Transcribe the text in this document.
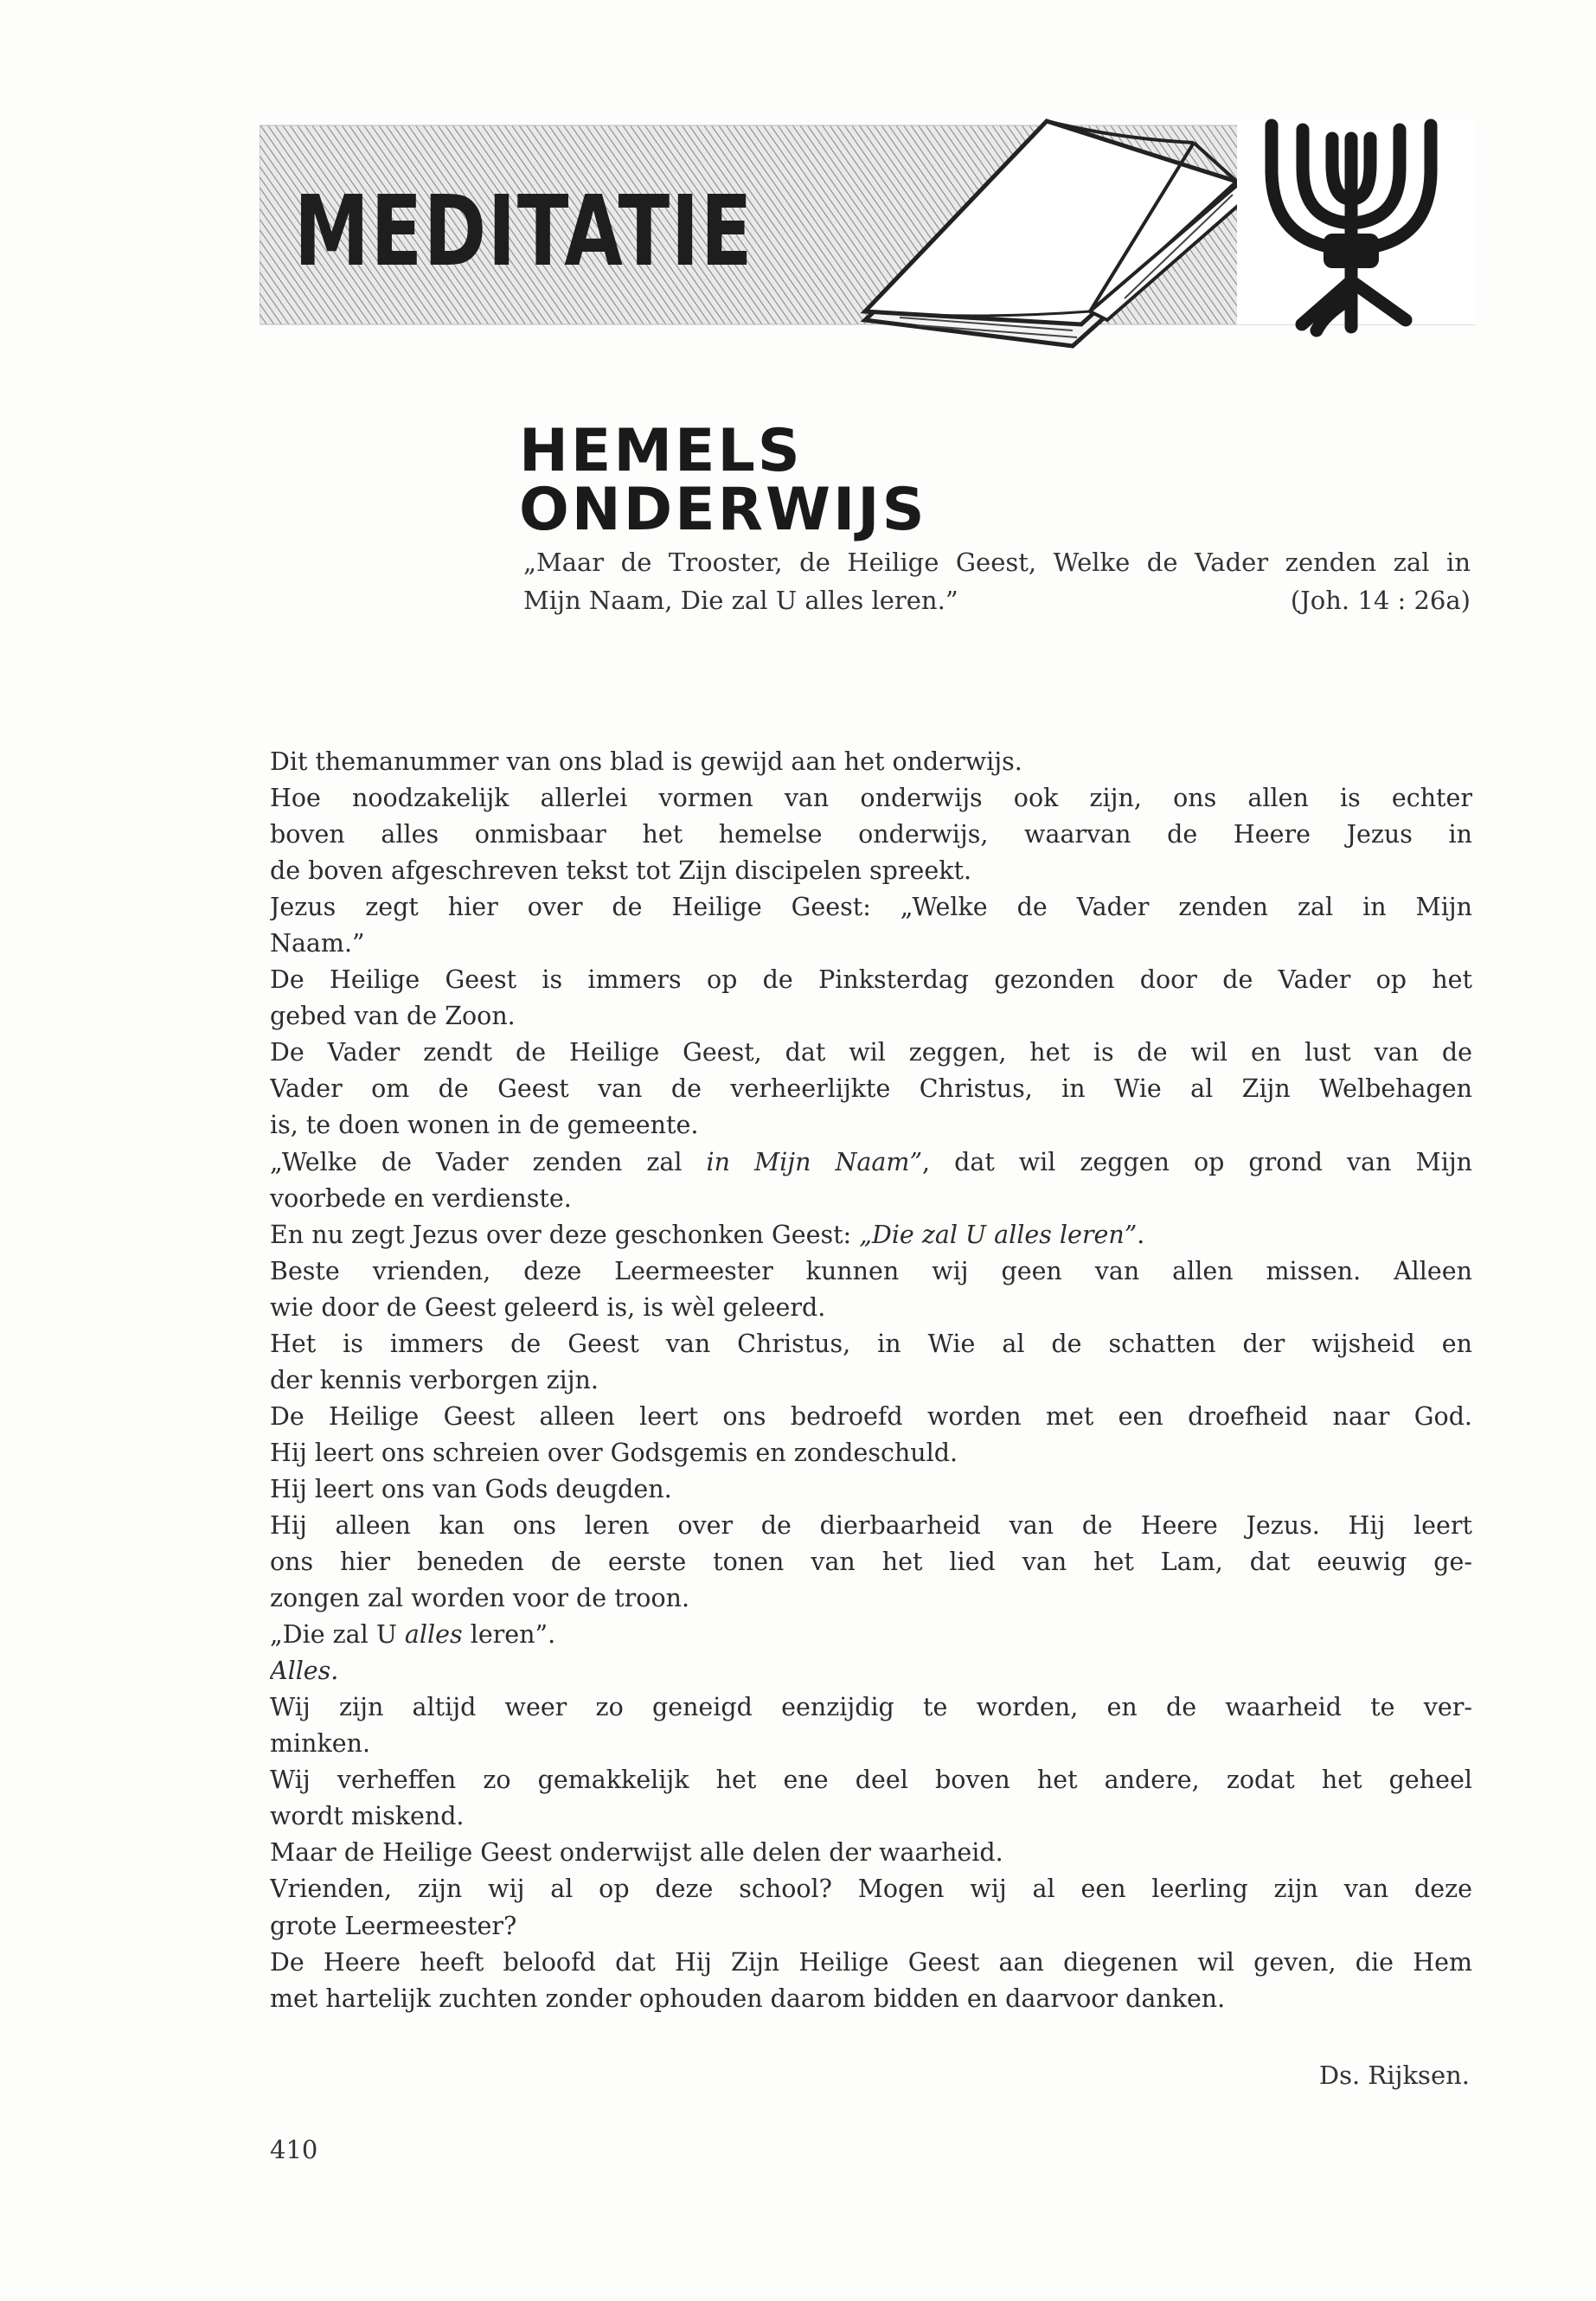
MEDITATIE
HEMELS ONDERWIJS
„Maar de Trooster, de Heilige Geest, Welke de Vader zenden zal in
Mijn Naam, Die zal U alles leren.”	(Joh. 14 : 26a)
Dit themanummer van ons blad is gewijd aan het onderwijs.
Hoe noodzakelijk allerlei vormen van onderwijs ook zijn, ons allen is echter
boven alles onmisbaar het hemelse onderwijs, waarvan de Heere Jezus in
de boven afgeschreven tekst tot Zijn discipelen spreekt.
Jezus zegt hier over de Heilige Geest: „Welke de Vader zenden zal in Mijn
Naam.”
De Heilige Geest is immers op de Pinksterdag gezonden door de Vader op het
gebed van de Zoon.
De Vader zendt de Heilige Geest, dat wil zeggen, het is de wil en lust van de
Vader om de Geest van de verheerlijkte Christus, in Wie al Zijn Welbehagen
is, te doen wonen in de gemeente.
„Welke de Vader zenden zal in Mijn Naam”, dat wil zeggen op grond van Mijn
voorbede en verdienste.
En nu zegt Jezus over deze geschonken Geest: „Die zal U alles leren”.
Beste vrienden, deze Leermeester kunnen wij geen van allen missen. Alleen
wie door de Geest geleerd is, is wèl geleerd.
Het is immers de Geest van Christus, in Wie al de schatten der wijsheid en
der kennis verborgen zijn.
De Heilige Geest alleen leert ons bedroefd worden met een droefheid naar God.
Hij leert ons schreien over Godsgemis en zondeschuld.
Hij leert ons van Gods deugden.
Hij alleen kan ons leren over de dierbaarheid van de Heere Jezus. Hij leert
ons hier beneden de eerste tonen van het lied van het Lam, dat eeuwig ge-
zongen zal worden voor de troon.
„Die zal U alles leren”.
Alles.
Wij zijn altijd weer zo geneigd eenzijdig te worden, en de waarheid te ver-
minken.
Wij verheffen zo gemakkelijk het ene deel boven het andere, zodat het geheel
wordt miskend.
Maar de Heilige Geest onderwijst alle delen der waarheid.
Vrienden, zijn wij al op deze school? Mogen wij al een leerling zijn van deze
grote Leermeester?
De Heere heeft beloofd dat Hij Zijn Heilige Geest aan diegenen wil geven, die Hem
met hartelijk zuchten zonder ophouden daarom bidden en daarvoor danken.
Ds. Rijksen.
410
